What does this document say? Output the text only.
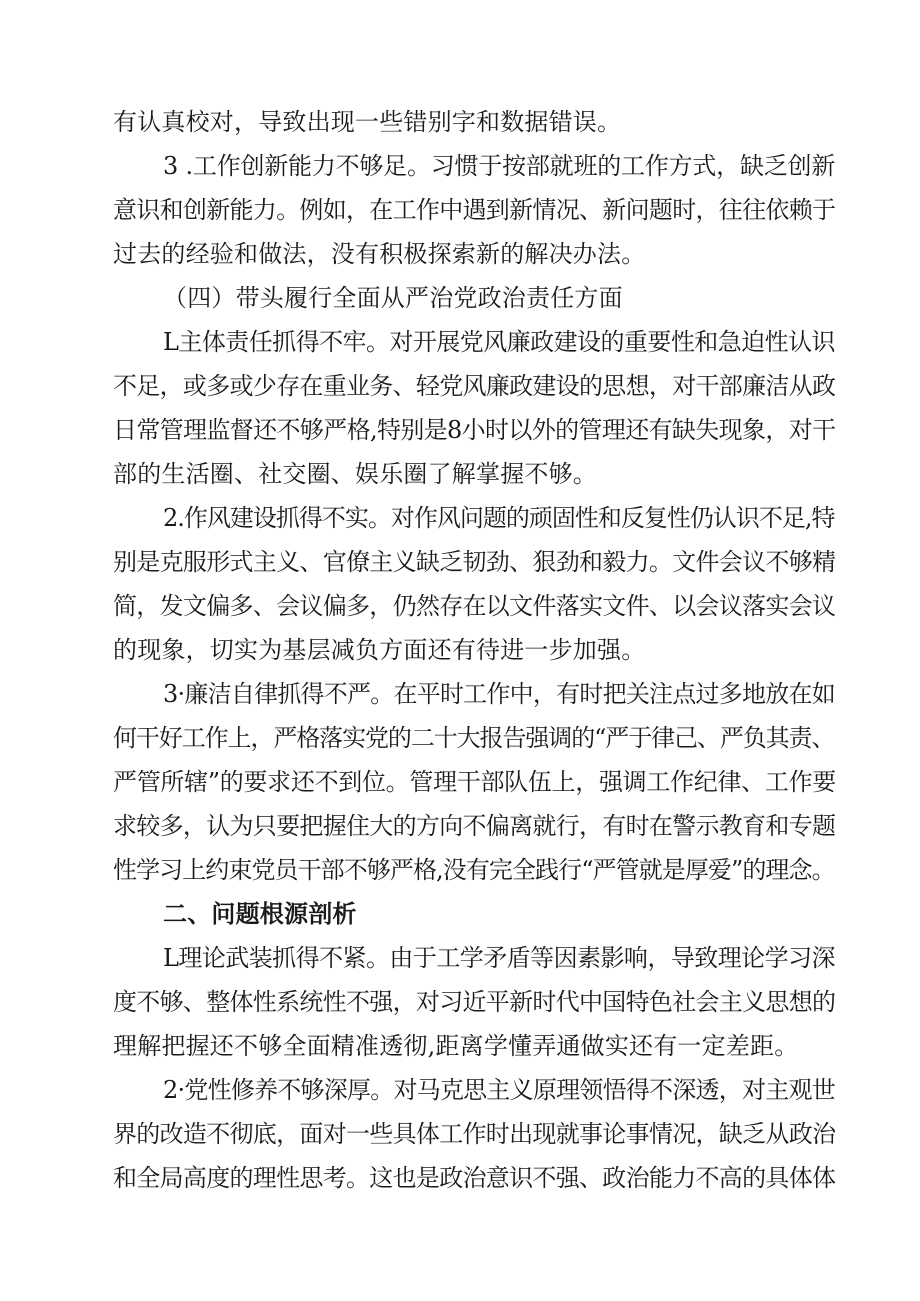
有认真校对，导致出现一些错别字和数据错误。

3 .工作创新能力不够足。习惯于按部就班的工作方式，缺乏创新

意识和创新能力。例如，在工作中遇到新情况、新问题时，往往依赖于

过去的经验和做法，没有积极探索新的解决办法。

（四）带头履行全面从严治党政治责任方面

L主体责任抓得不牢。对开展党风廉政建设的重要性和急迫性认识

不足，或多或少存在重业务、轻党风廉政建设的思想，对干部廉洁从政

日常管理监督还不够严格,特别是8小时以外的管理还有缺失现象，对干

部的生活圈、社交圈、娱乐圈了解掌握不够。

2.作风建设抓得不实。对作风问题的顽固性和反复性仍认识不足,特

别是克服形式主义、官僚主义缺乏韧劲、狠劲和毅力。文件会议不够精

简，发文偏多、会议偏多，仍然存在以文件落实文件、以会议落实会议

的现象，切实为基层减负方面还有待进一步加强。

3·廉洁自律抓得不严。在平时工作中，有时把关注点过多地放在如

何干好工作上，严格落实党的二十大报告强调的“严于律己、严负其责、

严管所辖”的要求还不到位。管理干部队伍上，强调工作纪律、工作要

求较多，认为只要把握住大的方向不偏离就行，有时在警示教育和专题

性学习上约束党员干部不够严格,没有完全践行“严管就是厚爱”的理念。

二、问题根源剖析

L理论武装抓得不紧。由于工学矛盾等因素影响，导致理论学习深

度不够、整体性系统性不强，对习近平新时代中国特色社会主义思想的

理解把握还不够全面精准透彻,距离学懂弄通做实还有一定差距。

2·党性修养不够深厚。对马克思主义原理领悟得不深透，对主观世

界的改造不彻底，面对一些具体工作时出现就事论事情况，缺乏从政治

和全局高度的理性思考。这也是政治意识不强、政治能力不高的具体体
